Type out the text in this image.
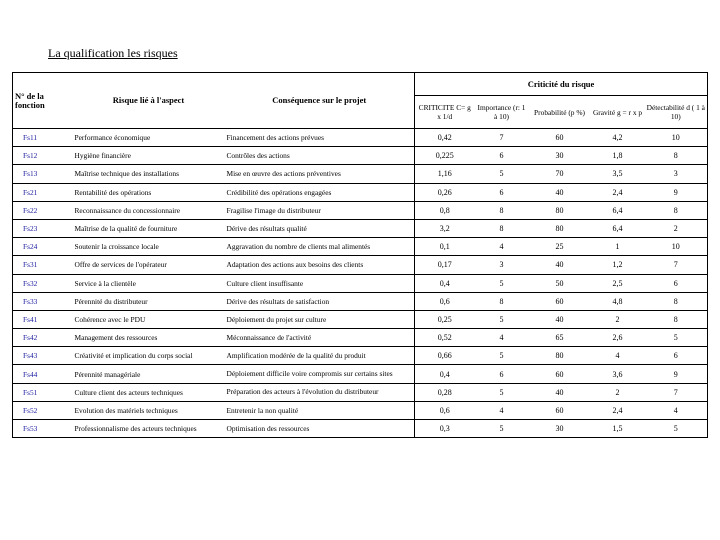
La qualification les risques
N° de la fonction	Risque lié à l'aspect	Conséquence sur le projet	Criticité du risque				
			CRITICITE C= g x 1/d	Importance (r: 1 à 10)	Probabilité (p %)	Gravité g = r x p	Détectabilité d ( 1 à 10)
Fs11	Performance économique	Financement des actions prévues	0,42	7	60	4,2	10
Fs12	Hygiène financière	Contrôles des actions	0,225	6	30	1,8	8
Fs13	Maîtrise technique des installations	Mise en œuvre des actions préventives	1,16	5	70	3,5	3
Fs21	Rentabilité des opérations	Crédibilité des opérations engagées	0,26	6	40	2,4	9
Fs22	Reconnaissance du concessionnaire	Fragilise l'image du distributeur	0,8	8	80	6,4	8
Fs23	Maîtrise de la qualité de fourniture	Dérive des résultats qualité	3,2	8	80	6,4	2
Fs24	Soutenir la croissance locale	Aggravation du nombre de clients mal alimentés	0,1	4	25	1	10
Fs31	Offre de services de l'opérateur	Adaptation des actions aux besoins des clients	0,17	3	40	1,2	7
Fs32	Service à la clientèle	Culture client insuffisante	0,4	5	50	2,5	6
Fs33	Pérennité du distributeur	Dérive des résultats de satisfaction	0,6	8	60	4,8	8
Fs41	Cohérence avec le PDU	Déploiement du projet sur culture	0,25	5	40	2	8
Fs42	Management des ressources	Méconnaissance de l'activité	0,52	4	65	2,6	5
Fs43	Créativité et implication du corps social	Amplification modérée de la qualité du produit	0,66	5	80	4	6
Fs44	Pérennité managériale	Déploiement difficile voire compromis sur certains sites	0,4	6	60	3,6	9
Fs51	Culture client des acteurs techniques	Préparation des acteurs à l'évolution du distributeur	0,28	5	40	2	7
Fs52	Evolution des matériels techniques	Entretenir la non qualité	0,6	4	60	2,4	4
Fs53	Professionnalisme des acteurs techniques	Optimisation des ressources	0,3	5	30	1,5	5
